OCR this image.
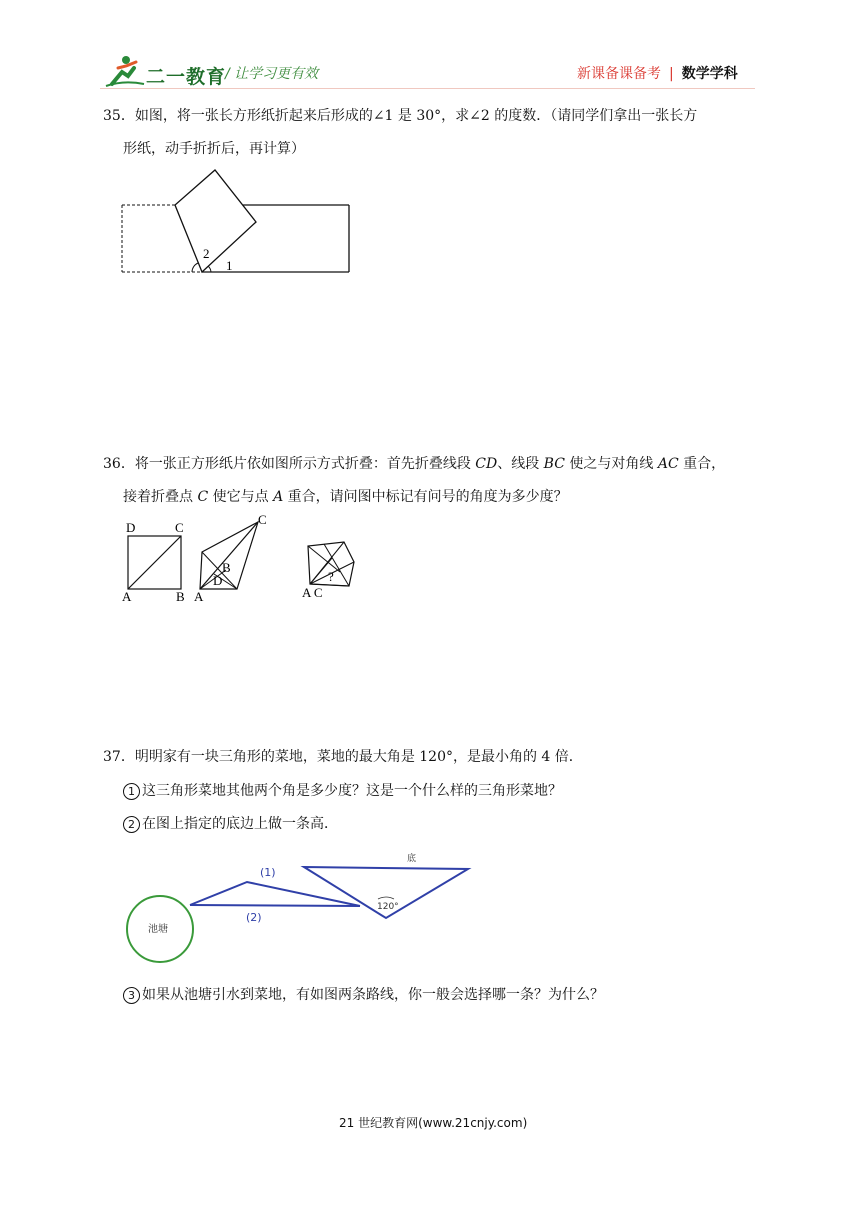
二一教育
/ 让学习更有效	新课备课备考 | 数学学科
35．如图，将一张长方形纸折起来后形成的∠1 是 30°，求∠2 的度数．（请同学们拿出一张长方
形纸，动手折折后，再计算）
2
1
36．将一张正方形纸片依如图所示方式折叠：首先折叠线段 CD、线段 BC 使之与对角线 AC 重合，
接着折叠点 C 使它与点 A 重合，请问图中标记有问号的角度为多少度？
D	C
A	B
C
B
D
A
?
A C
37．明明家有一块三角形的菜地，菜地的最大角是 120°，是最小角的 4 倍．
1 这三角形菜地其他两个角是多少度？这是一个什么样的三角形菜地？
2 在图上指定的底边上做一条高．
池塘
(1)
(2)
底
120°
3 如果从池塘引水到菜地，有如图两条路线，你一般会选择哪一条？为什么？
21 世纪教育网(www.21cnjy.com)
